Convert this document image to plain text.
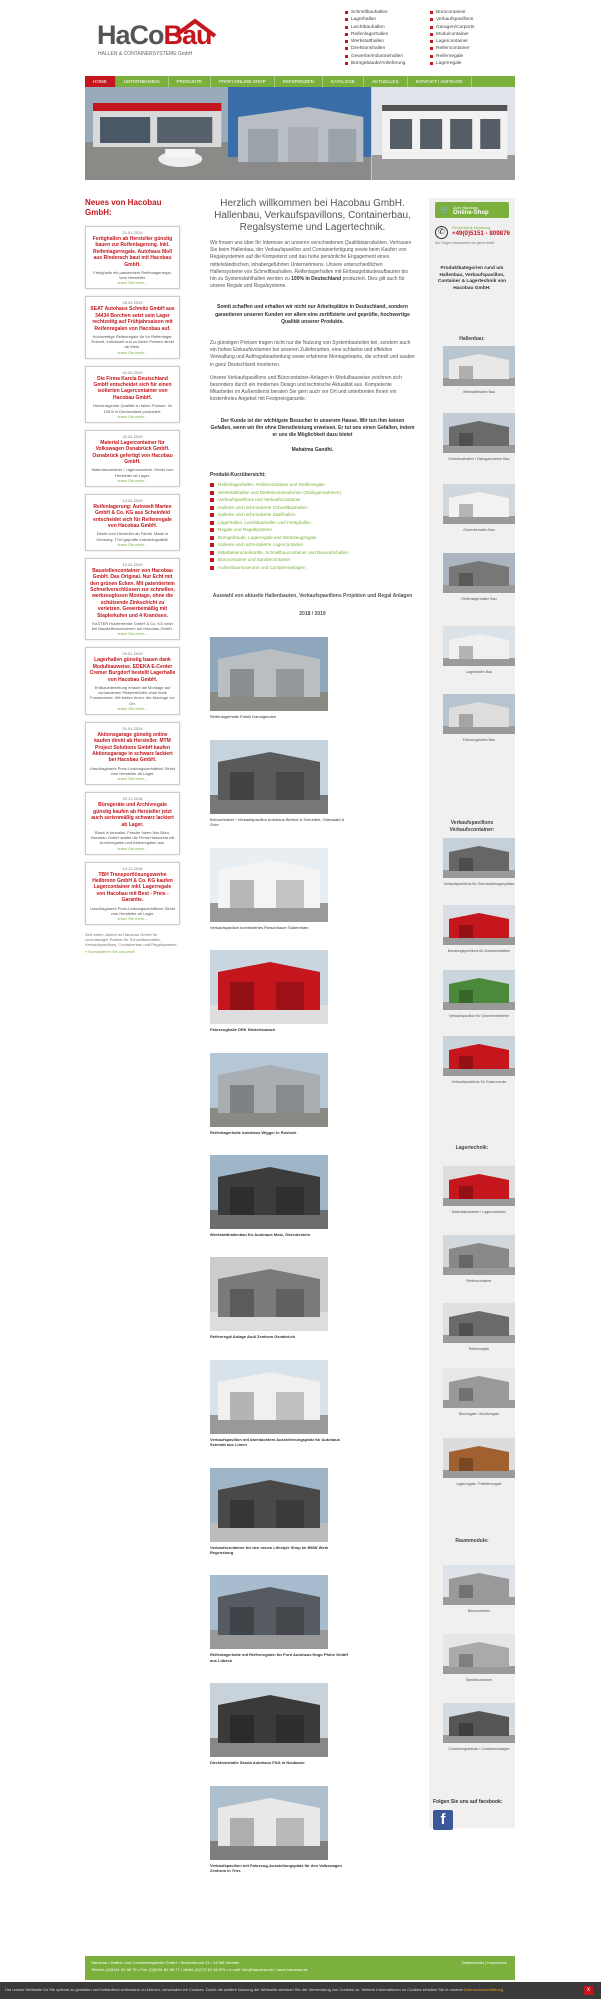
HaCoBau
HALLEN & CONTAINERSYSTEME GmbH
Schnellbauhallen
Lagerhallen
Leichtbauhallen
Reifenlagerhallen
Werkstatthallen
Direktionshallen
Gewerbe/Industriehallen
Bürogebäude/Anlieferung
Bürocontainer
Verkaufspavillons
Garagen/Carports
Modulcontainer
Lagercontainer
Reifencontainer
Reifenregale
Lagerregale
HOME	UNTERNEHMEN	PRODUKTE	PROFI ONLINE SHOP	REFERENZEN	KATALOGE	AKTUELLES	KONTAKT / ANFRAGE
Neues von Hacobau GmbH:
21.01.2019
Fertighallen ab Hersteller günstig bauen zur Reifenlagerung. Inkl. Reifenlagerregale. Autohaus Moll aus Rinderach baut mit Hacobau GmbH.
Fertighalle mit passendem Reifenlagerregal. Vom Hersteller.
lesen Sie mehr...
28.01.2019
SEAT Autohaus Schmitz GmbH aus 34434 Borchen setzt sein Lager rechtzeitig auf Frühjahrsaison mit Reifenregalen von Hacobau auf.
Hochwertige Reifenregale für Ihr Reifenlager. Schnell, individuell und zu fairen Preisen direkt ab Werk.
lesen Sie mehr...
01.02.2019
Die Firma Karcia Deutschland GmbH entscheidet sich für einen isolierten Lagercontainer von Hacobau GmbH.
Hervorragende Qualität zu fairen Preisen. Zu 100% in Deutschland produziert.
lesen Sie mehr...
22.01.2019
Material Lagercontainer für Volkswagen Osnabrück GmbH. Osnabrück gefertigt von Hacobau GmbH.
Materialcontainer / Lagercontainer. Direkt vom Hersteller ab Lager.
lesen Sie mehr...
13.01.2019
Reifenlagerung: Autowelt Marten GmbH & Co. KG aus Scheinfeld entscheidet sich für Reifenregale von Hacobau GmbH.
Direkt vom Hersteller ab Fabrik. Made in Germany. TÜV-geprüfte Industriequalität.
lesen Sie mehr...
12.01.2019
Baustellencontainer von Hacobau GmbH. Das Original. Nur Echt mit den grünen Ecken. Mit patentiertem Schnellverschlüssen zur schnellen, werkzeuglosen Montage, ohne die schützende Zinkschicht zu verletzen. Gewerbemäßig mit Staplerkufen und 4 Kranösen.
KASTER Holzfertentile GmbH & Co. KG setzt bei Baustellencontainern auf Hacobau GmbH.
lesen Sie mehr...
09.01.2019
Lagerhallen günstig bauen dank Modulbauweise. EDEKA E-Center Cremer Burgdorf bestellt Lagerhalle von Hacobau GmbH.
Erdbauinterleitung erlaubt die Montage auf vorhandenen Pflasterböden ohne feste Fundamente. Wir bieten Ihnen: die Montage vor Ort.
lesen Sie mehr...
01.01.2019
Aktionsgarage günstig online kaufen direkt ab Hersteller. MTM Project Solutions GmbH kaufen Aktionsgarage in schwarz lackiert bei Hacobau GmbH.
Unschlagbares Preis-Leistungsverhältnis! Direkt vom Hersteller ab Lager.
lesen Sie mehr...
20.12.2018
Bürogeräte und Archivregale günstig kaufen ab Hersteller jetzt auch serienmäßig schwarz lackiert ab Lager.
Black is beautiful: Frische Ideen fürs Büro. Hacobau GmbH stattet die Firma Hasscrest mit Archivregalen und Aktenregalen aus.
lesen Sie mehr...
14.12.2018
TBH Transportlösungswerke Heilbronn GmbH & Co. KG kaufen Lagercontainer inkl. Lagerregale von Hacobau mit Best - Preis - Garantie.
Unschlagbares Preis-Leistungsverhältnis! Direkt vom Hersteller ab Lager.
lesen Sie mehr...
Seit vielen Jahren ist Hacobau GmbH Ihr zuverlässiger Partner für Schnellbauhallen, Verkaufspavillons, Containerbau und Regalsysteme.
» Kontaktieren Sie uns jetzt!
Herzlich willkommen bei Hacobau GmbH. Hallenbau, Verkaufspavillons, Containerbau, Regalsysteme und Lagertechnik.

Wir freuen uns über Ihr Interesse an unseren verschiedenen Qualitätsprodukten. Vertrauen Sie beim Hallenbau, der Verkaufspavillon und Containerfertigung sowie beim Kaufen von Regalsystemen auf die Kompetenz und das hohe persönliche Engagement eines mittelständischen, inhabergeführten Unternehmens. Unsere unterschiedlichen Hallensysteme von Schnellbauhallen, Reifenlagerhallen mit Einbaugebäudeaufbauten bis hin zu Systemstahlhallen werden zu 100% in Deutschland produziert. Dies gilt auch für unsere Regale und Regalsysteme.

Somit schaffen und erhalten wir nicht nur Arbeitsplätze in Deutschland, sondern garantieren unseren Kunden vor allem eine zertifizierte und geprüfte, hochwertige Qualität unserer Produkte.

Zu günstigen Preisen tragen nicht nur die Nutzung von Systembauteilen bei, sondern auch ein hohes Einkaufsvolumen bei unseren Zulieferanten, eine schlanke und effektive Verwaltung und Auftragsbearbeitung sowie erfahrene Montageteams, die schnell und sauber in ganz Deutschland montieren.

Unsere Verkaufspavillons und Bürocontainer-Anlagen in Modulbauweise zeichnen sich besonders durch ein modernes Design und technische Aktualität aus. Kompetente Mitarbeiter im Außendienst beraten Sie gern auch vor Ort und unterbreiten Ihnen ein kostenfreies Angebot mit Festpreisgarantie.

Der Kunde ist der wichtigste Besucher in unserem Hause. Wir tun ihm keinen Gefallen, wenn wir ihn ohne Dienstleistung erweisen. Er tut uns einen Gefallen, indem er uns die Möglichkeit dazu bietet

Mahatma Gandhi.

Produkt-Kurzübersicht:
Reifenlagerhallen, Reifencontainer und Reifenregale
Werkstatthallen und Direktionsannahmen (Dialogannahmen)
Verkaufspavillons und Verkaufscontainer
Isolierte und nicht-isolierte Schnellbauhallen
Isolierte und nicht-isolierte Stahlhallen
Lagerhallen, Leichtbauhallen und Fertighallen
Regale und Regalsysteme
Bürogebäude, Lagerregale und Werkzeugregale
Isolierte und nicht-isolierte Lagercontainer
Mitarbeiterunterkünfte, Schnellbaucontainer und Bauwohnhallen
Bürocontainer und Sanitärcontainer
Außenbaumuseums und Containeranlagen
Auswahl von aktuelle Hallenbauten, Verkaufspavillons Projekten und Regal Anlagen
2018 / 2019
Reifenlagerhalle Fabrik Dannigenden
Büroschnitzer / Verkaufspavillon Autohaus Behrlof & Schreiber, Odenwald & Gutn
Verkaufspavillon kombiniertes Fleischhauer Südemhäm
Fahrzeughalle DRK Niederlaubach
Reifenlagerhalle Autohaus Wigger in Rostock
Werkstatthallenbau für Autohaus Motz, Oberderstein
Reifenregal Anlage Audi Zentrum Osnabrück
Verkaufspavillon mit überdachtem Ausstellerungsplatz für Autohaus Schmidt aus Lünen
Verkaufscontainer für den neuen Lifestyle Shop im BMW Werk Regensburg
Reifenlagerhalle mit Reifenregalen für Ford Autohaus Hugo Pfohe GmbH aus Lübeck
Direktionshalle Skoda Autohaus P&S in Neubauer
Verkaufspavillon mit Fahrzeug-Ausstellungsplatz für den Volkswagen Zentrum in Trier.
🛒 Zum Hacobau
Online-Shop
✆	Persönliche Beratung
+49(0)5151 - 809876
Nur Fragen beantworten wir gerne direkt
Produktkategorien rund um Hallenbau, Verkaufspavillon, Container & Lagertechnik von Hacobau GmbH:
Hallenbau:
Verkaufspavillons Verkaufscontainer:
Lagertechnik:
Raummodule:
Werkstatthallen Bau
Direktionshallen / Dialogannahme Bau
Gewerbehallen Bau
Reifenlagerhallen Bau
Lagerhallen Bau
Fahrzeughallen Bau
Verkaufspavillons für Gebrauchtwagenplätze
Beratungspavillons für Autowerkstätten
Verkaufspavillon für Gewerbebetriebe
Verkaufspavillons für Gastronomie
Materialcontainer / Lagercontainer
Reifencontainer
Reifenregale
Büroregale / Archivregale
Lagerregale / Palettenregale
Bürocontainer
Sanitärcontainer
Containergebäude / Containeranlagen
Folgen Sie uns auf facebook:
f
Hacobau • Hallen- und Containersysteme GmbH • Klotzenbrook 21 • 31785 Hameln
Telefon: (0)5151 80 98 76 • Fax: (0)5151 80 98 77 • Mobil: (0)172 61 34 675 • e-mail: info@hacobau.de • www.hacobau.de
Datenschutz | Impressum
Um unsere Webseite für Sie optimal zu gestalten und fortlaufend verbessern zu können, verwenden wir Cookies. Durch die weitere Nutzung der Webseite stimmen Sie der Verwendung von Cookies zu. Weitere Informationen zu Cookies erhalten Sie in unserer Datenschutzerklärung	x
